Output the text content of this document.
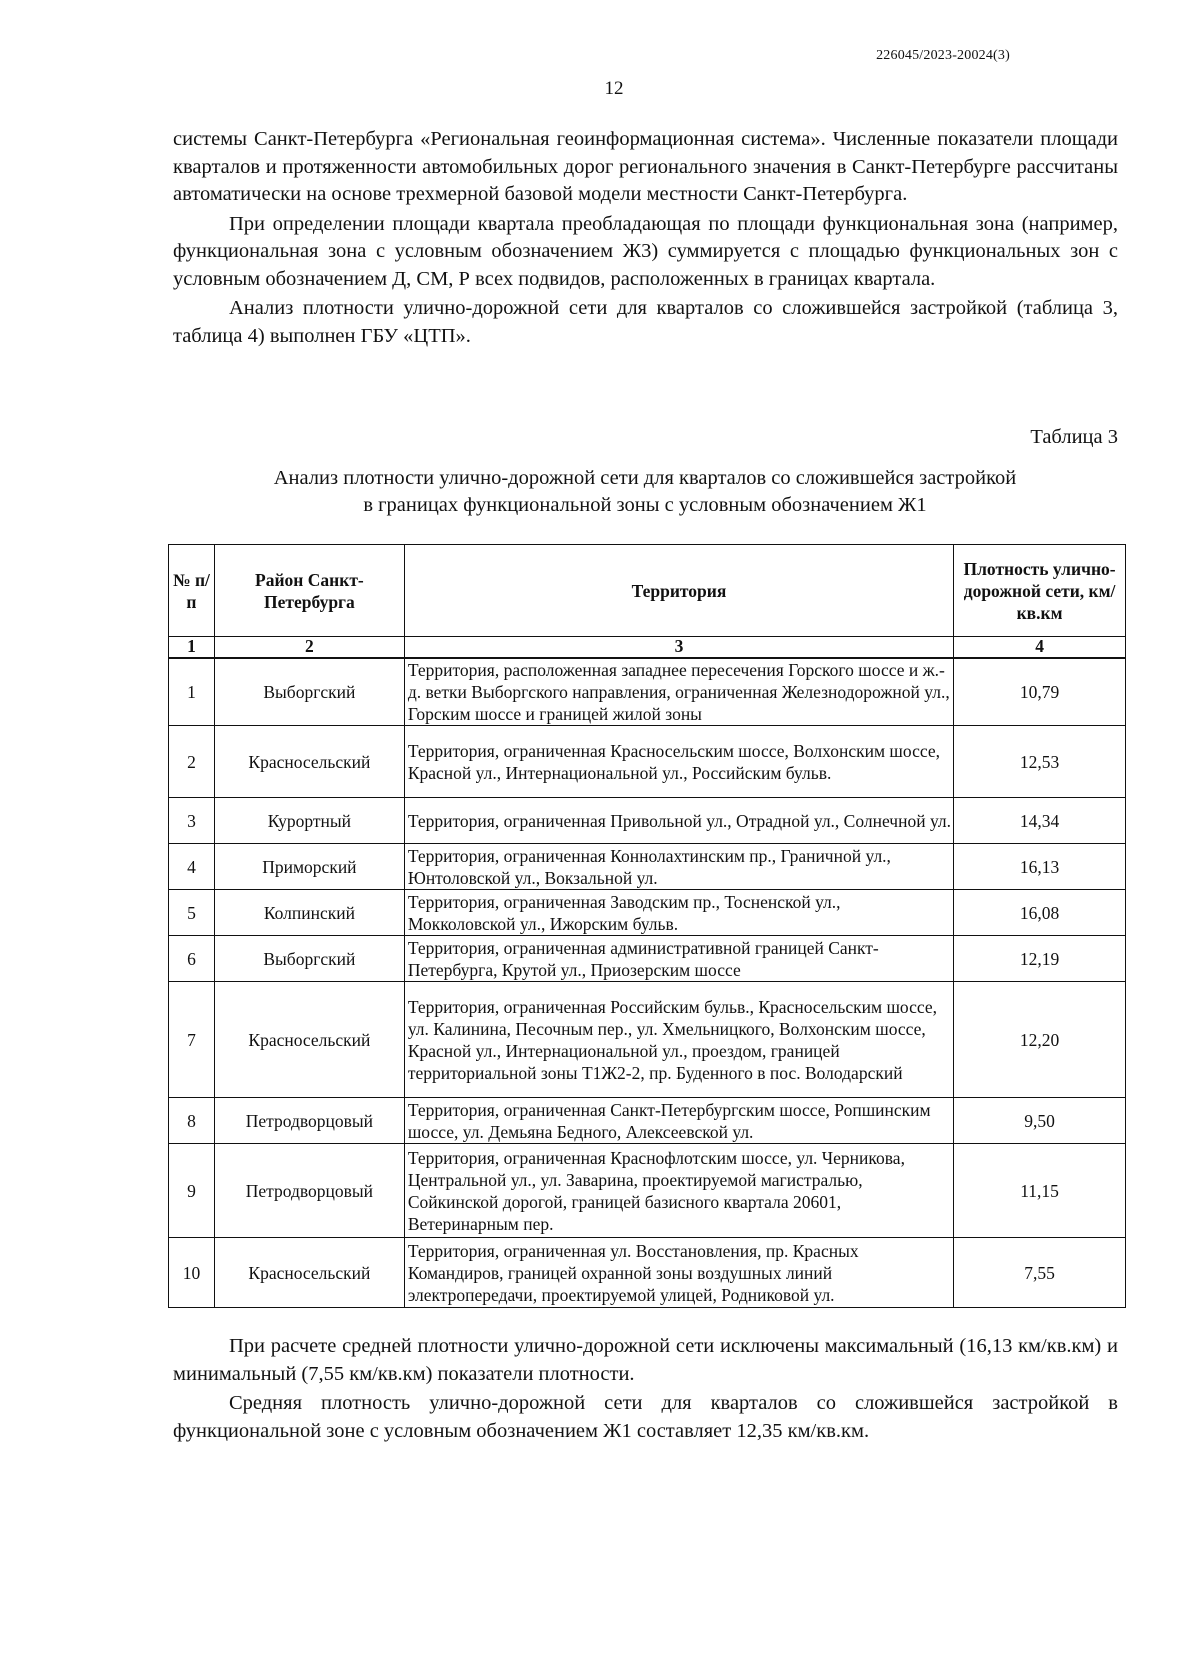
226045/2023-20024(3)
12

системы Санкт-Петербурга «Региональная геоинформационная система». Численные показатели площади кварталов и протяженности автомобильных дорог регионального значения в Санкт-Петербурге рассчитаны автоматически на основе трехмерной базовой модели местности Санкт-Петербурга.

При определении площади квартала преобладающая по площади функциональная зона (например, функциональная зона с условным обозначением Ж3) суммируется с площадью функциональных зон с условным обозначением Д, СМ, Р всех подвидов, расположенных в границах квартала.

Анализ плотности улично-дорожной сети для кварталов со сложившейся застройкой (таблица 3, таблица 4) выполнен ГБУ «ЦТП».

Таблица 3
Анализ плотности улично-дорожной сети для кварталов со сложившейся застройкой
в границах функциональной зоны с условным обозначением Ж1
№ п/п	Район Санкт-Петербурга	Территория	Плотность улично-дорожной сети, км/кв.км
1	2	3	4
1	Выборгский	Территория, расположенная западнее пересечения Горского шоссе и ж.-д. ветки Выборгского направления, ограниченная Железнодорожной ул., Горским шоссе и границей жилой зоны	10,79
2	Красносельский	Территория, ограниченная Красносельским шоссе, Волхонским шоссе, Красной ул., Интернациональной ул., Российским бульв.	12,53
3	Курортный	Территория, ограниченная Привольной ул., Отрадной ул., Солнечной ул.	14,34
4	Приморский	Территория, ограниченная Коннолахтинским пр., Граничной ул., Юнтоловской ул., Вокзальной ул.	16,13
5	Колпинский	Территория, ограниченная Заводским пр., Тосненской ул., Мокколовской ул., Ижорским бульв.	16,08
6	Выборгский	Территория, ограниченная административной границей Санкт-Петербурга, Крутой ул., Приозерским шоссе	12,19
7	Красносельский	Территория, ограниченная Российским бульв., Красносельским шоссе, ул. Калинина, Песочным пер., ул. Хмельницкого, Волхонским шоссе, Красной ул., Интернациональной ул., проездом, границей территориальной зоны Т1Ж2-2, пр. Буденного в пос. Володарский	12,20
8	Петродворцовый	Территория, ограниченная Санкт-Петербургским шоссе, Ропшинским шоссе, ул. Демьяна Бедного, Алексеевской ул.	9,50
9	Петродворцовый	Территория, ограниченная Краснофлотским шоссе, ул. Черникова, Центральной ул., ул. Заварина, проектируемой магистралью, Сойкинской дорогой, границей базисного квартала 20601, Ветеринарным пер.	11,15
10	Красносельский	Территория, ограниченная ул. Восстановления, пр. Красных Командиров, границей охранной зоны воздушных линий электропередачи, проектируемой улицей, Родниковой ул.	7,55

При расчете средней плотности улично-дорожной сети исключены максимальный (16,13 км/кв.км) и минимальный (7,55 км/кв.км) показатели плотности.

Средняя плотность улично-дорожной сети для кварталов со сложившейся застройкой в функциональной зоне с условным обозначением Ж1 составляет 12,35 км/кв.км.
